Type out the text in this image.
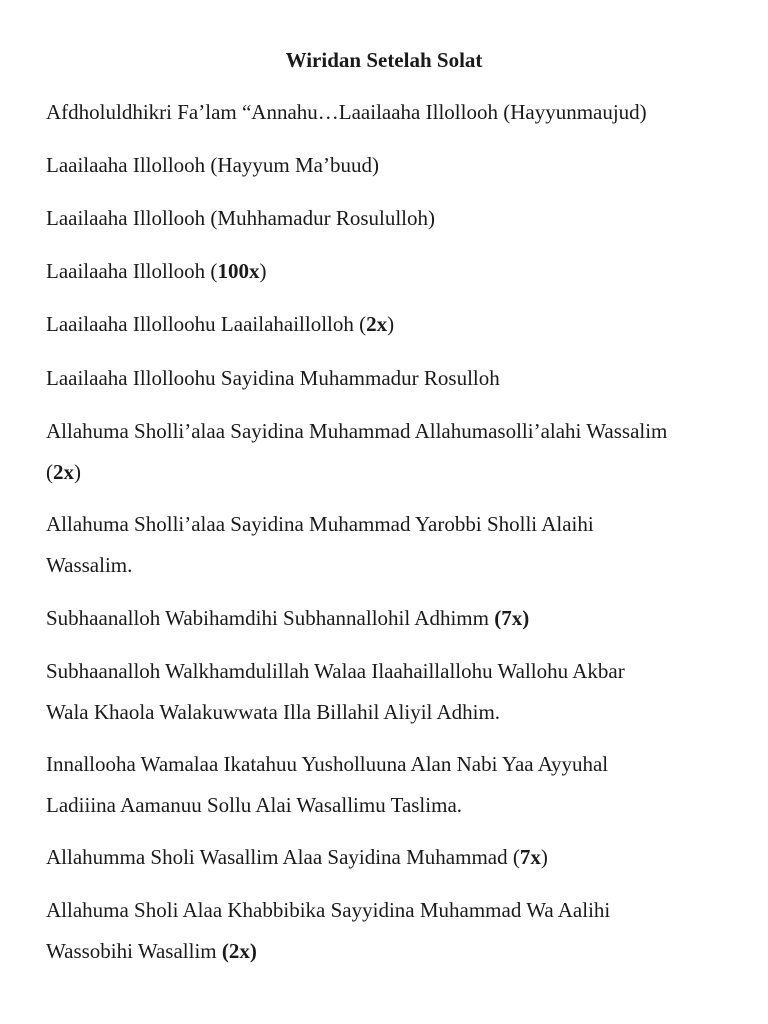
Wiridan Setelah Solat

Afdholuldhikri Fa’lam “Annahu…Laailaaha Illollooh (Hayyunmaujud)

Laailaaha Illollooh (Hayyum Ma’buud)

Laailaaha Illollooh (Muhhamadur Rosululloh)

Laailaaha Illollooh (100x)

Laailaaha Illolloohu Laailahaillolloh (2x)

Laailaaha Illolloohu Sayidina Muhammadur Rosulloh

Allahuma Sholli’alaa Sayidina Muhammad Allahumasolli’alahi Wassalim

(2x)

Allahuma Sholli’alaa Sayidina Muhammad Yarobbi Sholli Alaihi

Wassalim.

Subhaanalloh Wabihamdihi Subhannallohil Adhimm (7x)

Subhaanalloh Walkhamdulillah Walaa Ilaahaillallohu Wallohu Akbar

Wala Khaola Walakuwwata Illa Billahil Aliyil Adhim.

Innallooha Wamalaa Ikatahuu Yusholluuna Alan Nabi Yaa Ayyuhal

Ladiiina Aamanuu Sollu Alai Wasallimu Taslima.

Allahumma Sholi Wasallim Alaa Sayidina Muhammad (7x)

Allahuma Sholi Alaa Khabbibika Sayyidina Muhammad Wa Aalihi

Wassobihi Wasallim (2x)
